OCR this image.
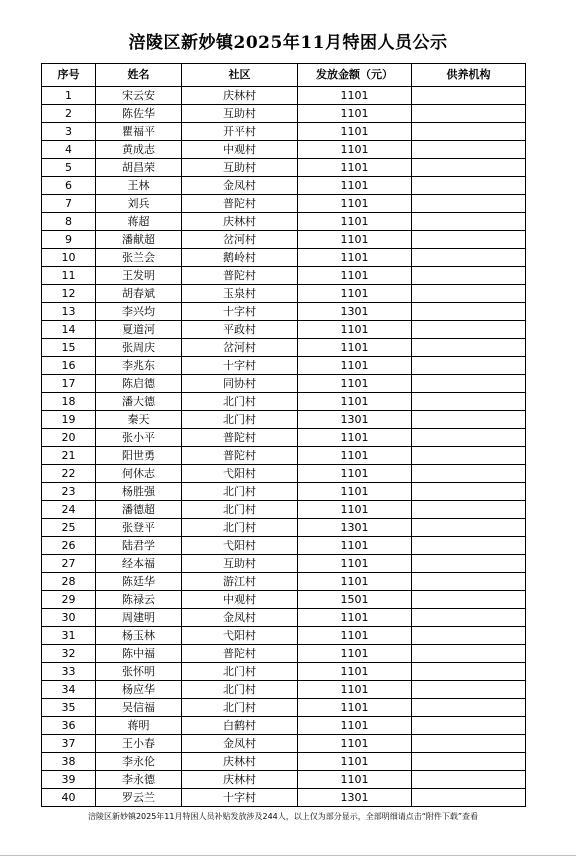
涪陵区新妙镇2025年11月特困人员公示
序号	姓名	社区	发放金额（元）	供养机构
1	宋云安	庆林村	1101	
2	陈佐华	互助村	1101	
3	瞿福平	开平村	1101	
4	黄成志	中观村	1101	
5	胡昌荣	互助村	1101	
6	王林	金凤村	1101	
7	刘兵	普陀村	1101	
8	蒋超	庆林村	1101	
9	潘献超	岔河村	1101	
10	张兰会	鹅岭村	1101	
11	王发明	普陀村	1101	
12	胡春斌	玉泉村	1101	
13	李兴均	十字村	1301	
14	夏道河	平政村	1101	
15	张周庆	岔河村	1101	
16	李兆东	十字村	1101	
17	陈启德	同协村	1101	
18	潘大德	北门村	1101	
19	秦天	北门村	1301	
20	张小平	普陀村	1101	
21	阳世勇	普陀村	1101	
22	何休志	弋阳村	1101	
23	杨胜强	北门村	1101	
24	潘德超	北门村	1101	
25	张登平	北门村	1301	
26	陆君学	弋阳村	1101	
27	经本福	互助村	1101	
28	陈廷华	游江村	1101	
29	陈禄云	中观村	1501	
30	周建明	金凤村	1101	
31	杨玉林	弋阳村	1101	
32	陈中福	普陀村	1101	
33	张怀明	北门村	1101	
34	杨应华	北门村	1101	
35	吴信福	北门村	1101	
36	蒋明	白鹤村	1101	
37	王小春	金凤村	1101	
38	李永伦	庆林村	1101	
39	李永德	庆林村	1101	
40	罗云兰	十字村	1301	
涪陵区新妙镇2025年11月特困人员补贴发放涉及244人，以上仅为部分显示，全部明细请点击“附件下载”查看
